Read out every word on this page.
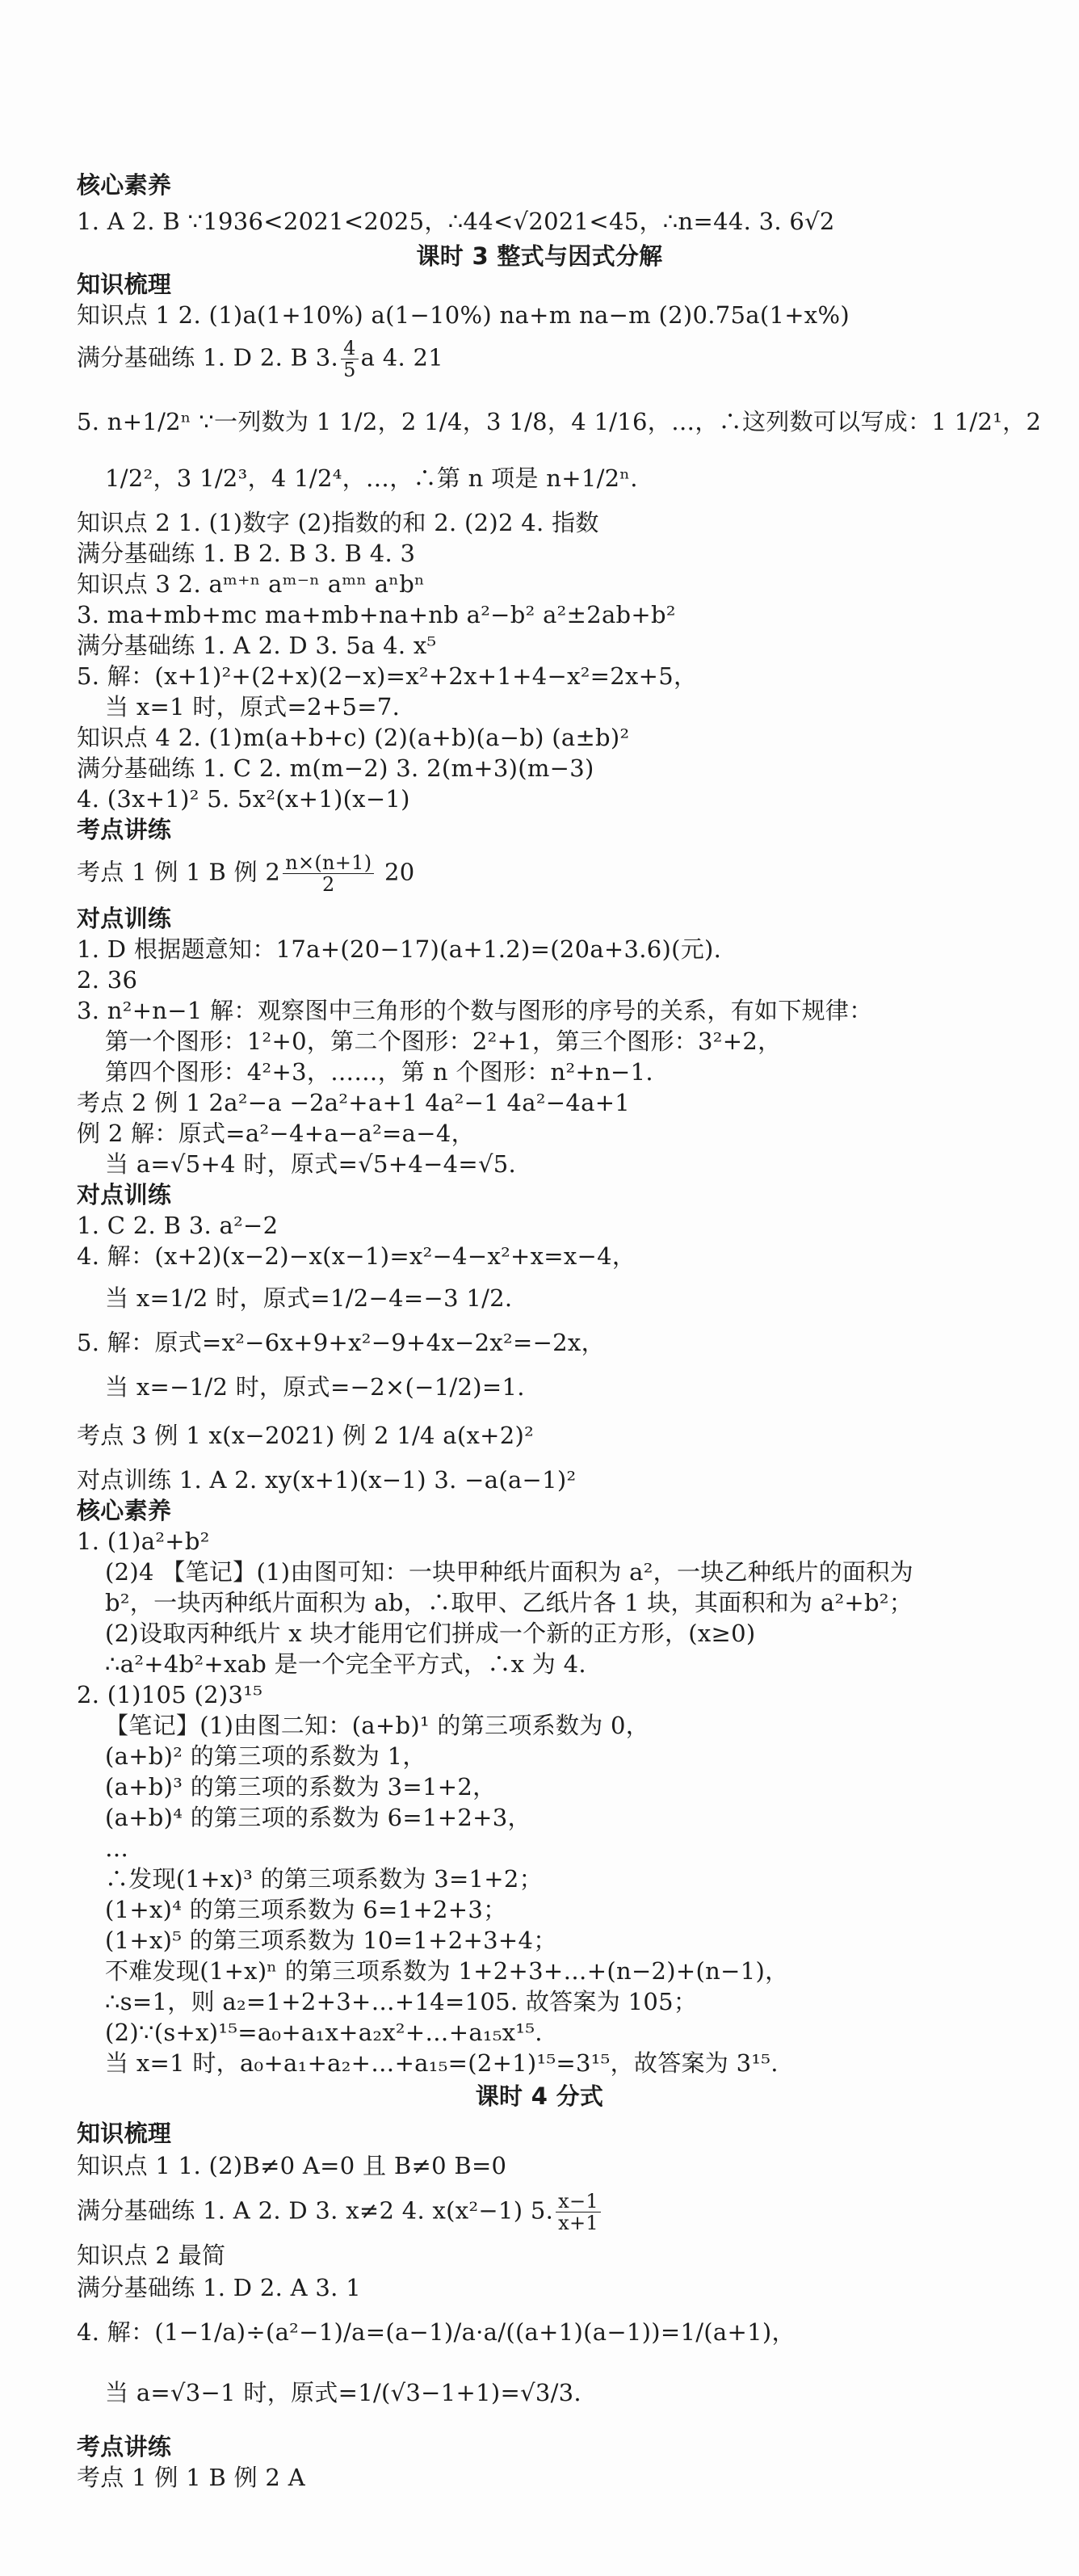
核心素养
1. A 2. B ∵1936<2021<2025，∴44<√2021<45，∴n=44. 3. 6√2
课时 3 整式与因式分解
知识梳理
知识点 1 2. (1)a(1+10%) a(1−10%) na+m na−m (2)0.75a(1+x%)
满分基础练 1. D 2. B 3. $\frac{4}{5}$ a 4. 21
5. n+1/2ⁿ ∵一列数为 1 1/2，2 1/4，3 1/8，4 1/16，…，∴这列数可以写成：1 1/2¹，2
1/2²，3 1/2³，4 1/2⁴，…，∴第 n 项是 n+1/2ⁿ.
知识点 2 1. (1)数字 (2)指数的和 2. (2)2 4. 指数
满分基础练 1. B 2. B 3. B 4. 3
知识点 3 2. aᵐ⁺ⁿ aᵐ⁻ⁿ aᵐⁿ aⁿbⁿ
3. ma+mb+mc ma+mb+na+nb a²−b² a²±2ab+b²
满分基础练 1. A 2. D 3. 5a 4. x⁵
5. 解：(x+1)²+(2+x)(2−x)=x²+2x+1+4−x²=2x+5，
当 x=1 时，原式=2+5=7.
知识点 4 2. (1)m(a+b+c) (2)(a+b)(a−b) (a±b)²
满分基础练 1. C 2. m(m−2) 3. 2(m+3)(m−3)
4. (3x+1)² 5. 5x²(x+1)(x−1)
考点讲练
考点 1 例 1 B 例 $2 \frac{n\times(n+1)}{2} 20$
对点训练
1. D 根据题意知：17a+(20−17)(a+1.2)=(20a+3.6)(元).
2. 36
3. n²+n−1 解：观察图中三角形的个数与图形的序号的关系，有如下规律：
第一个图形：1²+0，第二个图形：2²+1，第三个图形：3²+2，
第四个图形：4²+3，……，第 n 个图形：n²+n−1.
考点 2 例 1 2a²−a −2a²+a+1 4a²−1 4a²−4a+1
例 2 解：原式=a²−4+a−a²=a−4，
当 a=√5+4 时，原式=√5+4−4=√5.
对点训练
1. C 2. B 3. a²−2
4. 解：(x+2)(x−2)−x(x−1)=x²−4−x²+x=x−4，
当 x=1/2 时，原式=1/2−4=−3 1/2.
5. 解：原式=x²−6x+9+x²−9+4x−2x²=−2x，
当 x=−1/2 时，原式=−2×(−1/2)=1.
考点 3 例 1 x(x−2021) 例 2 1/4 a(x+2)²
对点训练 1. A 2. xy(x+1)(x−1) 3. −a(a−1)²
核心素养
1. (1)a²+b²
(2)4 【笔记】(1)由图可知：一块甲种纸片面积为 a²，一块乙种纸片的面积为
b²，一块丙种纸片面积为 ab，∴取甲、乙纸片各 1 块，其面积和为 a²+b²；
(2)设取丙种纸片 x 块才能用它们拼成一个新的正方形，(x≥0)
∴a²+4b²+xab 是一个完全平方式，∴x 为 4.
2. (1)105 (2)3¹⁵
【笔记】(1)由图二知：(a+b)¹ 的第三项系数为 0，
(a+b)² 的第三项的系数为 1，
(a+b)³ 的第三项的系数为 3=1+2，
(a+b)⁴ 的第三项的系数为 6=1+2+3，
…
∴发现(1+x)³ 的第三项系数为 3=1+2；
(1+x)⁴ 的第三项系数为 6=1+2+3；
(1+x)⁵ 的第三项系数为 10=1+2+3+4；
不难发现(1+x)ⁿ 的第三项系数为 1+2+3+…+(n−2)+(n−1)，
∴s=1，则 a₂=1+2+3+…+14=105. 故答案为 105；
(2)∵(s+x)¹⁵=a₀+a₁x+a₂x²+…+a₁₅x¹⁵.
当 x=1 时，a₀+a₁+a₂+…+a₁₅=(2+1)¹⁵=3¹⁵，故答案为 3¹⁵.
课时 4 分式
知识梳理
知识点 1 1. (2)B≠0 A=0 且 B≠0 B=0
满分基础练 1. A 2. D 3. x≠2 4. x(x²−1) 5. $\frac{x-1}{x+1}$
知识点 2 最简
满分基础练 1. D 2. A 3. 1
4. 解：(1−1/a)÷(a²−1)/a=(a−1)/a·a/((a+1)(a−1))=1/(a+1)，
当 a=√3−1 时，原式=1/(√3−1+1)=√3/3.
考点讲练
考点 1 例 1 B 例 2 A
